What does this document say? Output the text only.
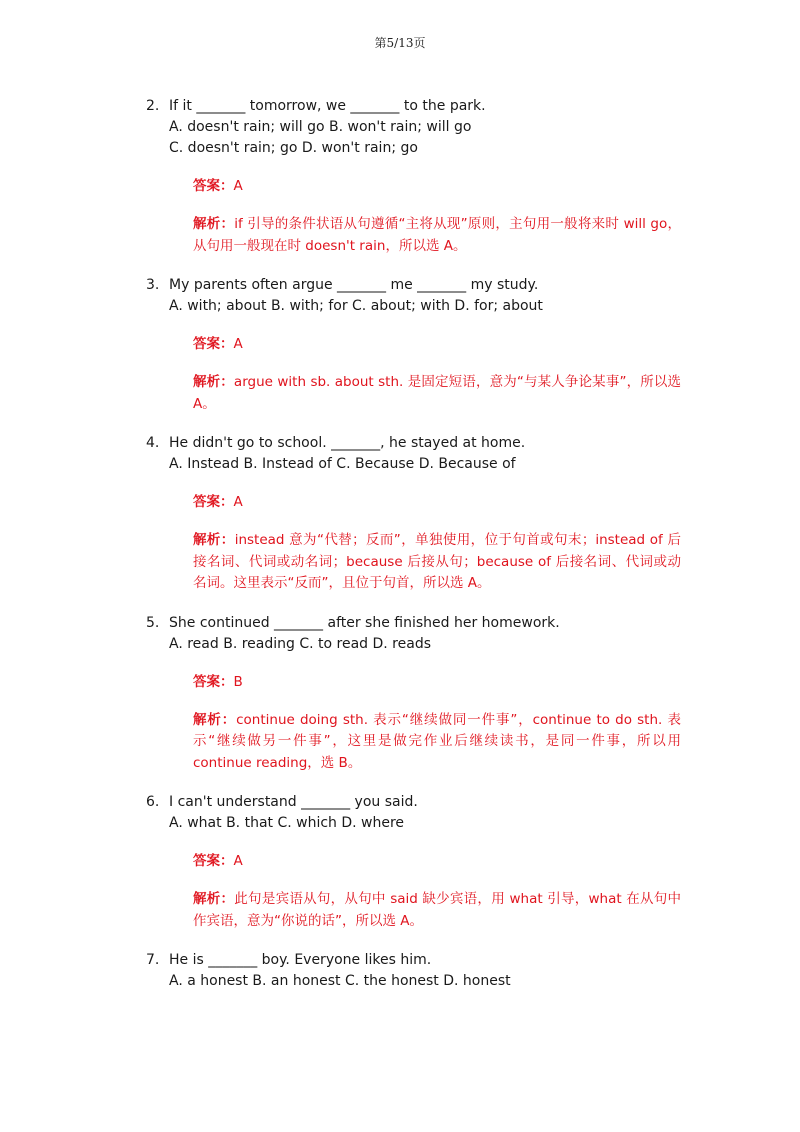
第5/13页
2. If it _______ tomorrow, we _______ to the park.
A. doesn't rain; will go B. won't rain; will go
C. doesn't rain; go D. won't rain; go
答案：A
解析：if 引导的条件状语从句遵循“主将从现”原则，主句用一般将来时 will go，从句用一般现在时 doesn't rain，所以选 A。
3. My parents often argue _______ me _______ my study.
A. with; about B. with; for C. about; with D. for; about
答案：A
解析：argue with sb. about sth. 是固定短语，意为“与某人争论某事”，所以选 A。
4. He didn't go to school. _______, he stayed at home.
A. Instead B. Instead of C. Because D. Because of
答案：A
解析：instead 意为“代替；反而”，单独使用，位于句首或句末；instead of 后接名词、代词或动名词；because 后接从句；because of 后接名词、代词或动名词。这里表示“反而”，且位于句首，所以选 A。
5. She continued _______ after she finished her homework.
A. read B. reading C. to read D. reads
答案：B
解析：continue doing sth. 表示“继续做同一件事”，continue to do sth. 表示“继续做另一件事”，这里是做完作业后继续读书，是同一件事，所以用 continue reading，选 B。
6. I can't understand _______ you said.
A. what B. that C. which D. where
答案：A
解析：此句是宾语从句，从句中 said 缺少宾语，用 what 引导，what 在从句中作宾语，意为“你说的话”，所以选 A。
7. He is _______ boy. Everyone likes him.
A. a honest B. an honest C. the honest D. honest
